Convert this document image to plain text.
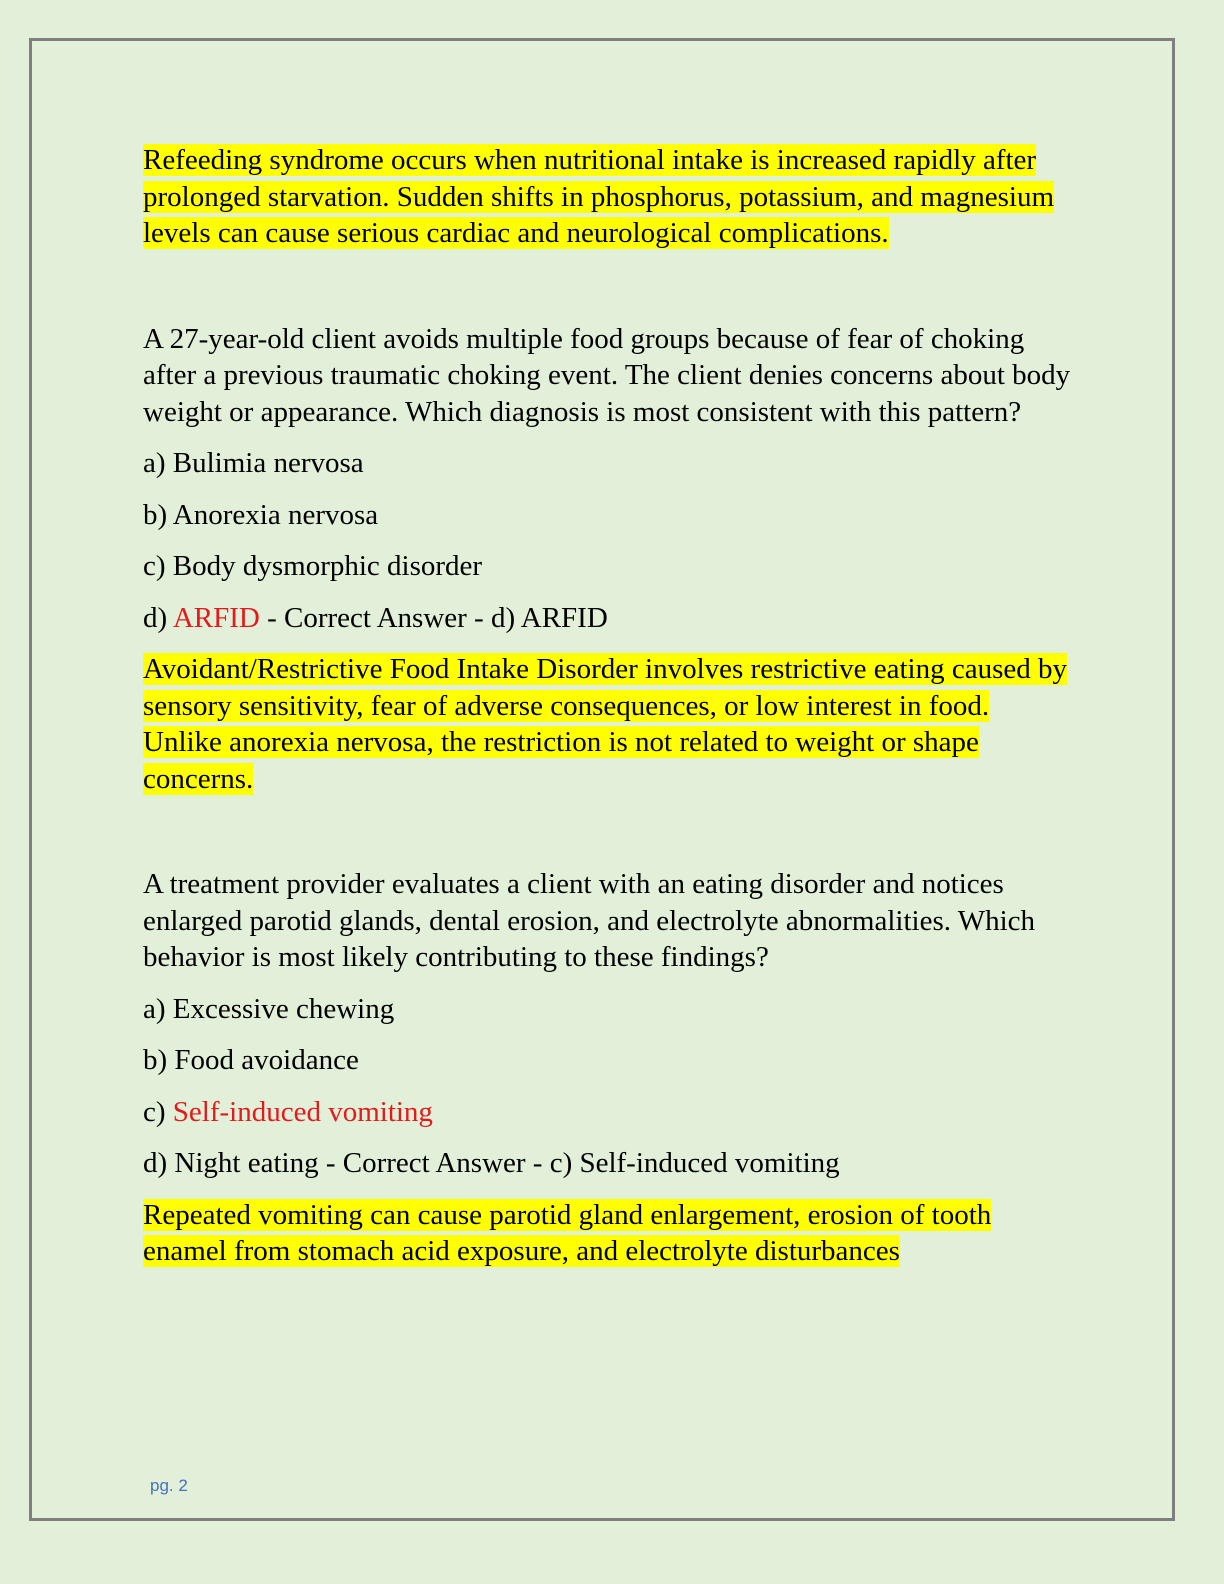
Refeeding syndrome occurs when nutritional intake is increased rapidly after prolonged starvation. Sudden shifts in phosphorus, potassium, and magnesium levels can cause serious cardiac and neurological complications.

A 27-year-old client avoids multiple food groups because of fear of choking after a previous traumatic choking event. The client denies concerns about body weight or appearance. Which diagnosis is most consistent with this pattern?

a) Bulimia nervosa

b) Anorexia nervosa

c) Body dysmorphic disorder

d) ARFID - Correct Answer - d) ARFID

Avoidant/Restrictive Food Intake Disorder involves restrictive eating caused by sensory sensitivity, fear of adverse consequences, or low interest in food. Unlike anorexia nervosa, the restriction is not related to weight or shape concerns.

A treatment provider evaluates a client with an eating disorder and notices enlarged parotid glands, dental erosion, and electrolyte abnormalities. Which behavior is most likely contributing to these findings?

a) Excessive chewing

b) Food avoidance

c) Self-induced vomiting

d) Night eating - Correct Answer - c) Self-induced vomiting

Repeated vomiting can cause parotid gland enlargement, erosion of tooth enamel from stomach acid exposure, and electrolyte disturbances

pg. 2
